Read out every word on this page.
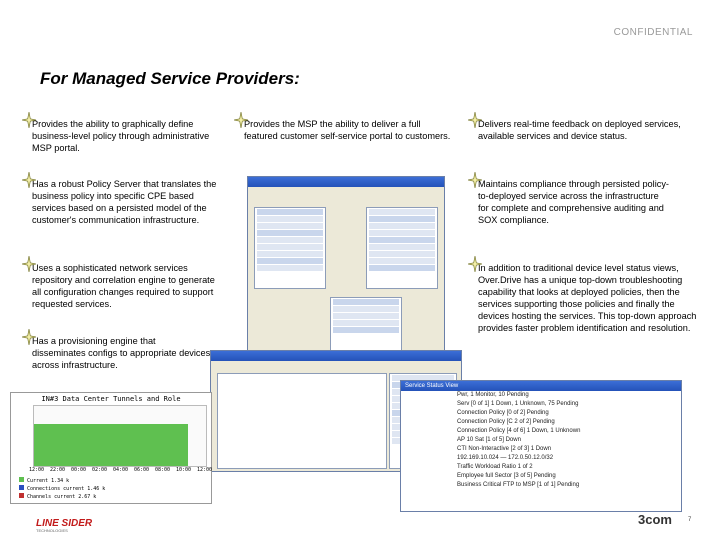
CONFIDENTIAL
For Managed Service Providers:
Provides the ability to graphically define business-level policy through administrative MSP portal.
Provides the MSP the ability to deliver a full featured customer self-service portal to customers.
Delivers real-time feedback on deployed services, available services and device status.
Has a robust Policy Server that translates the business policy into specific CPE based services based on a persisted model of the customer's communication infrastructure.
Maintains compliance through persisted policy-to-deployed service across the infrastructure for complete and comprehensive auditing and SOX compliance.
Uses a sophisticated network services repository and correlation engine to generate all configuration changes required to support requested services.
In addition to traditional device level status views, Over.Drive has a unique top-down troubleshooting capability that looks at deployed policies, then the services supporting those policies and finally the devices hosting the services. This top-down approach provides faster problem identification and resolution.
Has a provisioning engine that disseminates configs to appropriate devices across infrastructure.
IN#3 Data Center Tunnels and Role
12:00 22:00 00:00 02:00 04:00 06:00 08:00 10:00 12:00
Current 1.34 k
Connections current 1.46 k
Channels current 2.67 k
Service Status View
Pwr, 1 Monitor, 10 Pending
Serv [0 of 1] 1 Down, 1 Unknown, 75 Pending
Connection Policy [0 of 2] Pending
Connection Policy [C 2 of 2] Pending
Connection Policy [4 of 6] 1 Down, 1 Unknown
AP 10 Sat [1 of 5] Down
CTI Non-Interactive [2 of 3] 1 Down
192.169.10.024 — 172.0.50.12.0/32
Traffic Workload Ratio 1 of 2
Employee full Sector [3 of 5] Pending
Business Critical FTP to MSP [1 of 1] Pending
LINE SIDER
TECHNOLOGIES
3com	7
